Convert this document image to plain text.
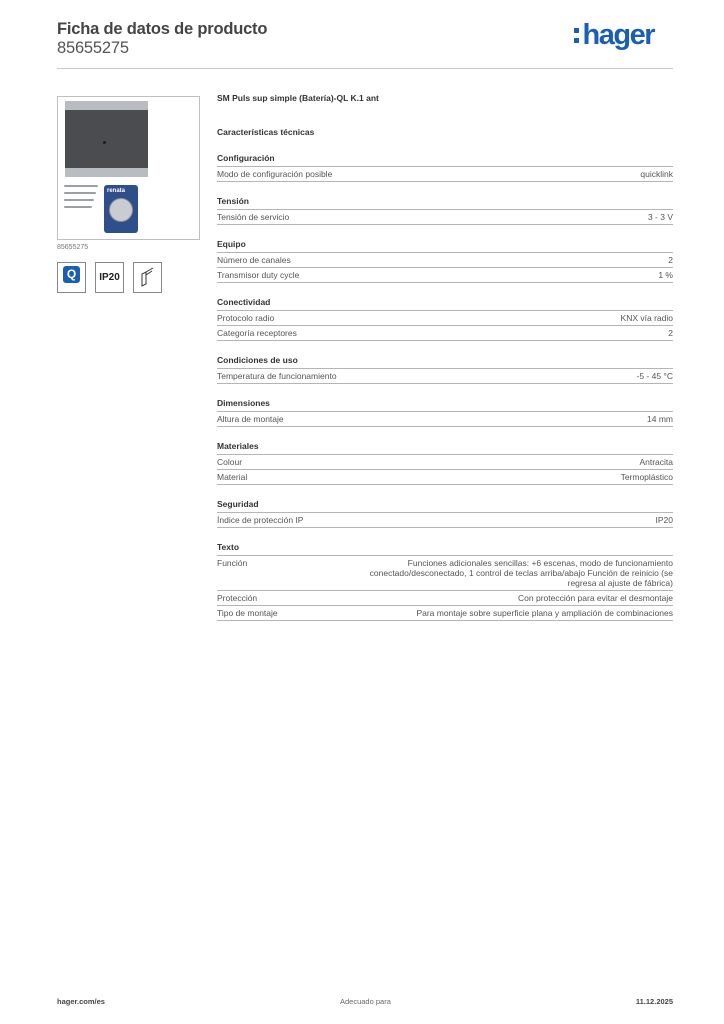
Ficha de datos de producto
85655275	hager
renata
85655275
Q	IP20
SM Puls sup simple (Batería)-QL K.1 ant
Características técnicas
Configuración
Modo de configuración posible	quicklink
Tensión
Tensión de servicio	3 - 3 V
Equipo
Número de canales	2
Transmisor duty cycle	1 %
Conectividad
Protocolo radio	KNX vía radio
Categoría receptores	2
Condiciones de uso
Temperatura de funcionamiento	-5 - 45 °C
Dimensiones
Altura de montaje	14 mm
Materiales
Colour	Antracita
Material	Termoplástico
Seguridad
Índice de protección IP	IP20
Texto
Función	Funciones adicionales sencillas: +6 escenas, modo de funcionamiento conectado/desconectado, 1 control de teclas arriba/abajo Función de reinicio (se regresa al ajuste de fábrica)
Protección	Con protección para evitar el desmontaje
Tipo de montaje	Para montaje sobre superficie plana y ampliación de combinaciones
hager.com/es	Adecuado para	11.12.2025
